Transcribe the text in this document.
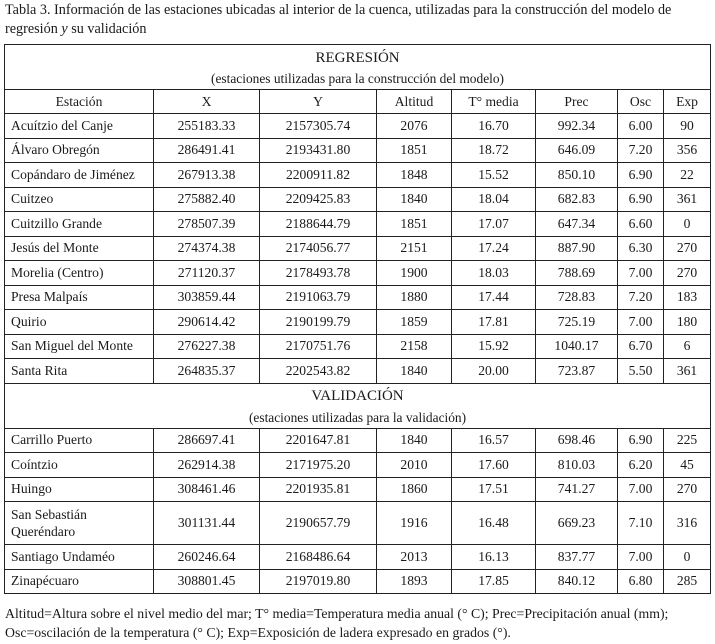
Tabla 3. Información de las estaciones ubicadas al interior de la cuenca, utilizadas para la construcción del modelo de
regresión y su validación
REGRESIÓN							
(estaciones utilizadas para la construcción del modelo)							
Estación	X	Y	Altitud	T° media	Prec	Osc	Exp
Acuítzio del Canje	255183.33	2157305.74	2076	16.70	992.34	6.00	90
Álvaro Obregón	286491.41	2193431.80	1851	18.72	646.09	7.20	356
Copándaro de Jiménez	267913.38	2200911.82	1848	15.52	850.10	6.90	22
Cuitzeo	275882.40	2209425.83	1840	18.04	682.83	6.90	361
Cuitzillo Grande	278507.39	2188644.79	1851	17.07	647.34	6.60	0
Jesús del Monte	274374.38	2174056.77	2151	17.24	887.90	6.30	270
Morelia (Centro)	271120.37	2178493.78	1900	18.03	788.69	7.00	270
Presa Malpaís	303859.44	2191063.79	1880	17.44	728.83	7.20	183
Quirio	290614.42	2190199.79	1859	17.81	725.19	7.00	180
San Miguel del Monte	276227.38	2170751.76	2158	15.92	1040.17	6.70	6
Santa Rita	264835.37	2202543.82	1840	20.00	723.87	5.50	361
VALIDACIÓN							
(estaciones utilizadas para la validación)							
Carrillo Puerto	286697.41	2201647.81	1840	16.57	698.46	6.90	225
Coíntzio	262914.38	2171975.20	2010	17.60	810.03	6.20	45
Huingo	308461.46	2201935.81	1860	17.51	741.27	7.00	270
San Sebastián Queréndaro	301131.44	2190657.79	1916	16.48	669.23	7.10	316
Santiago Undaméo	260246.64	2168486.64	2013	16.13	837.77	7.00	0
Zinapécuaro	308801.45	2197019.80	1893	17.85	840.12	6.80	285
Altitud=Altura sobre el nivel medio del mar; T° media=Temperatura media anual (° C); Prec=Precipitación anual (mm);
Osc=oscilación de la temperatura (° C); Exp=Exposición de ladera expresado en grados (°).
